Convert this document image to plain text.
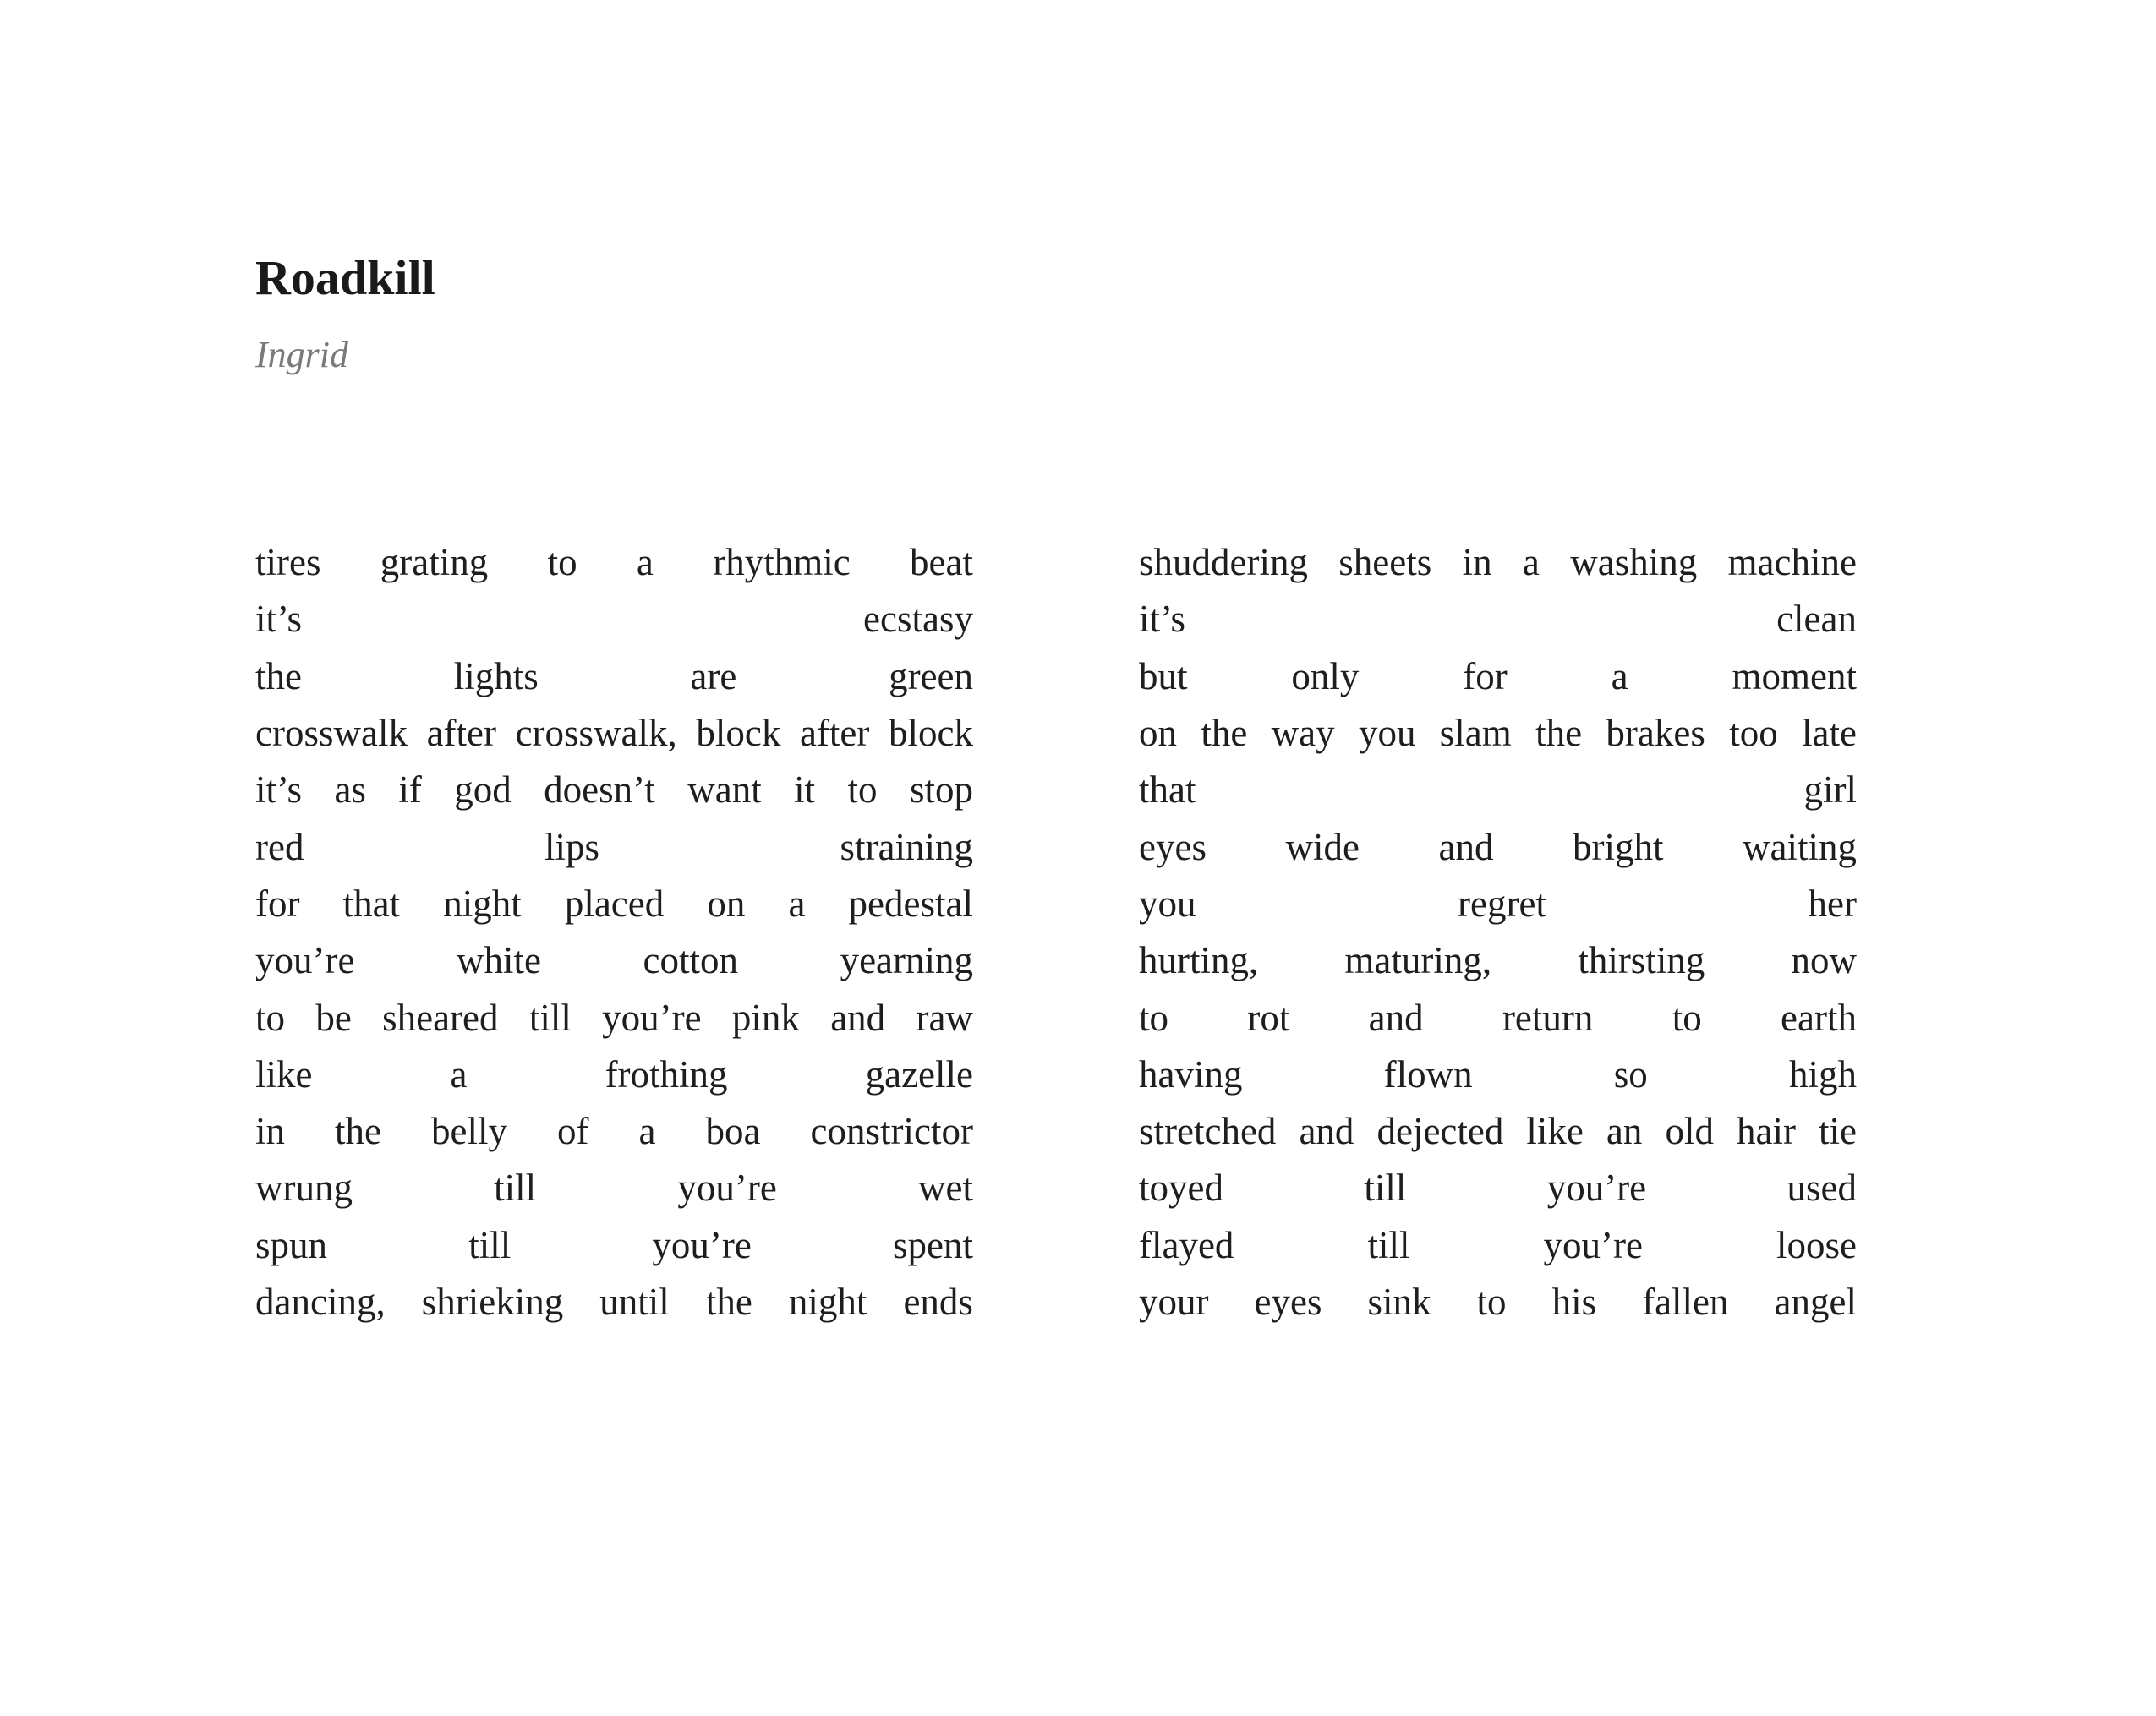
Roadkill

Ingrid

tires grating to a rhythmic beat
it’s	ecstasy
the	lights	are	green
crosswalk after crosswalk, block after block
it’s as if god doesn’t want it to stop
red	lips	straining
for that night placed on a pedestal
you’re	white	cotton	yearning
to be sheared till you’re pink and raw
like	a	frothing	gazelle
in the belly of a boa constrictor
wrung	till	you’re	wet
spun	till	you’re	spent
dancing, shrieking until the night ends
shuddering sheets in a washing machine
it’s	clean
but	only	for	a	moment
on the way you slam the brakes too late
that	girl
eyes wide and bright waiting
you	regret	her
hurting, maturing, thirsting now
to rot and return to earth
having	flown	so	high
stretched and dejected like an old hair tie
toyed	till	you’re	used
flayed	till	you’re	loose
your eyes sink to his fallen angel
